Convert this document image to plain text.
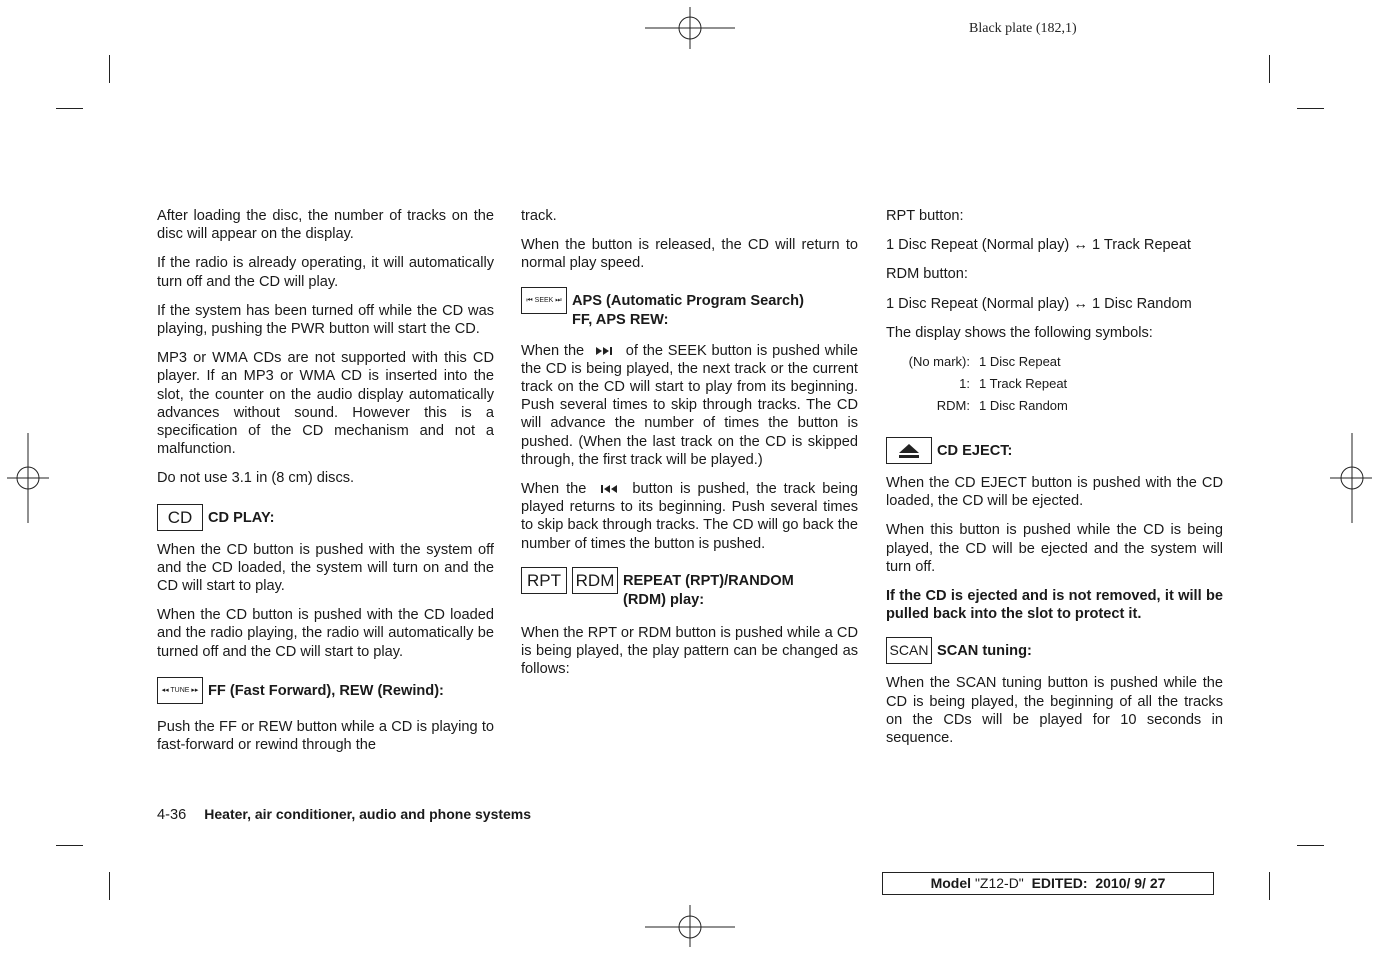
Black plate (182,1)

After loading the disc, the number of tracks on the disc will appear on the display.

If the radio is already operating, it will automatically turn off and the CD will play.

If the system has been turned off while the CD was playing, pushing the PWR button will start the CD.

MP3 or WMA CDs are not supported with this CD player. If an MP3 or WMA CD is inserted into the slot, the counter on the audio display automatically advances without sound. However this is a specification of the CD mechanism and not a malfunction.

Do not use 3.1 in (8 cm) discs.

CD	CD PLAY:

When the CD button is pushed with the system off and the CD loaded, the system will turn on and the CD will start to play.

When the CD button is pushed with the CD loaded and the radio playing, the radio will automatically be turned off and the CD will start to play.

◂◂ TUNE ▸▸ FF (Fast Forward), REW (Rewind):

Push the FF or REW button while a CD is playing to fast-forward or rewind through the

track.

When the button is released, the CD will return to normal play speed.

⏮ SEEK ⏭ APS (Automatic Program Search)
FF, APS REW:

When the	of the SEEK button is pushed while the CD is being played, the next track or the current track on the CD will start to play from its beginning. Push several times to skip through tracks. The CD will advance the number of times the button is pushed. (When the last track on the CD is skipped through, the first track will be played.)

When the	button is pushed, the track being played returns to its beginning. Push several times to skip back through tracks. The CD will go back the number of times the button is pushed.

RPT RDM REPEAT (RPT)/RANDOM
(RDM) play:

When the RPT or RDM button is pushed while a CD is being played, the play pattern can be changed as follows:

RPT button:

1 Disc Repeat (Normal play) ↔ 1 Track Repeat

RDM button:

1 Disc Repeat (Normal play) ↔ 1 Disc Random

The display shows the following symbols:

(No mark): 1 Disc Repeat
1: 1 Track Repeat
RDM: 1 Disc Random
CD EJECT:

When the CD EJECT button is pushed with the CD loaded, the CD will be ejected.

When this button is pushed while the CD is being played, the CD will be ejected and the system will turn off.

If the CD is ejected and is not removed, it will be pulled back into the slot to protect it.

SCAN SCAN tuning:

When the SCAN tuning button is pushed while the CD is being played, the beginning of all the tracks on the CDs will be played for 10 seconds in sequence.

4-36 Heater, air conditioner, audio and phone systems
Model "Z12-D" EDITED: 2010/ 9/ 27
